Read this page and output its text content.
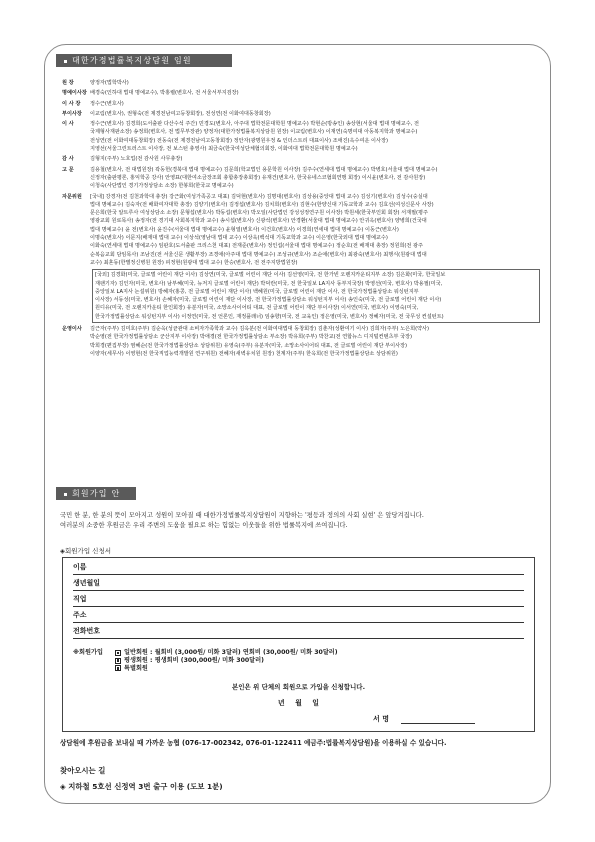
대한가정법률복지상담원 임원
원 장	양정자(법학박사)

명예이사장 배경숙(인하대 법대 명예교수), 박홍렬(변호사, 전 서울서부지검장)

이 사 장	정수근(변호사)

부이사장	이교림(변호사), 권형숙(전 제경전남여고등창회장), 전성연(전 이화여대동창회장)

이 사	정수근(변호사) 김경희(도서출판 다산수석 주간) 민경도(변호사, 아주대 법학전문대학원 명예교수) 박현순(방송인) 송상현(서울대 법대 명예교수, 전

국제형사재판소장) 송정희(변호사, 전 법무부장관) 양정자(대한가정법률복지상담원 원장) 이교림(변호사) 이재연(숙명여대 아동복지학과 명예교수)

전성연(전 이화여대동창회장) 전동숙(전 제경전남여고동창회장) 정안자(광명원우정 & 인더스트리 대표이사) 조애진(옥수여운 이사장)

지영선(서울그린트러스트 이사장, 전 보스턴 총영사) 최금숙(한국여성단체협의회장, 이화여대 법학전문대학원 명예교수)

감 사	김형지(주부) 노호업(전 감사원 사무총장)

고 문	김용철(변호사, 전 대법원장) 곽동헌(경북대 법대 명예교수) 김문희(학교법인 용문학원 이사장) 김주수(연세대 법대 명예교수) 박병호(서울대 법대 명예교수)

신정자(출판평론, 홍익학공 강사) 안영표(대한여소금장조회 총합총장총회장) 유재건(변호사, 한국유네스코협회연맹 회장) 이시윤(변호사, 전 감사원장)

이청숙(사단법인 경기가정상담소 소장) 한봉희(한국교 명예교수)

자문위원	[국내] 강경자(전 김천과학대 총장) 강근화(여성가족공고 대표) 김덕현(변호사) 김명대(변호사) 김상용(중앙대 법대 교수) 김성기(변호사) 김성수(숭실대

법대 명예교수) 김숙자(전 배화여자대학 총장) 김양기(변호사) 김정섭(변호사) 김치희(변호사) 김현수(한양신대 기독교학과 교수) 김효선(여성신문사 사장)

문은희(한국 알트루사 여성상담소 소장) 문형섭(변호사) 박동섭(변호사) 박오일(사단법인 강성성정연구원 이사장) 박원세(한국부인회 회장) 서재필(평주

영광교회 원로목사) 송정자(전 경기대 사회복지학과 교수) 송시섭(변호사) 신광석(변호사) 안경환(서울대 법대 명예교수) 안귀옥(변호사) 양병희(건국대

법대 명예교수) 윤 전(변호사) 윤진수(서울대 법대 명예교수) 윤형열(변호사) 이건호(변호사) 이경희(연세대 법대 명예교수) 이동근(변호사)

이명숙(변호사) 이문지(배재대 법대 교수) 이상석(영남대 법대 교수) 이상욱(백석대 기독교학과 교수) 이은영(한국외대 법대 명예교수)

이화숙(연세대 법대 명예교수) 임판호(도서출판 크리스천 대표) 전재준(변호사) 정인섭(서울대 법대 명예교수) 정순호(전 배재대 총장) 정원희(전 광주

순복음교회 담임목사) 조남진(전 서울신문 생활부장) 조경애(아주대 법대 명예교수) 조성규(변호사) 조순애(변호사) 최광숙(변호사) 최행식(원광대 법대

교수) 최혼동(한별정신병원 원장) 피정현(원광대 법대 교수) 한승(변호사, 전 전주지방법원장)

[국외] 김경화(미국, 글로벌 어린이 재단 이사) 김상연(미국, 글로벌 어린이 재단 이사) 김선영(미국, 전 한가빈 오렌지카운티지부 소장) 김은화(미국, 한국일보

재팬기자) 김인자(미국, 변호사) 남부혜(미국, 뉴저지 글로벌 어린이 재단) 박덕란(미국, 전 한국일보 LA지사 동부지국장) 박영선(미국, 변호사) 박용필(미국,

중앙일보 LA지사 논설위원) 방혜자(홍콩, 전 글로벌 어린이 재단 이사) 백혜원(미국, 글로벌 어린이 재단 이사, 전 한국가정법률상담소 워싱턴지부

이사장) 서동성(미국, 변호사) 손혜자(미국, 글로벌 어린이 재단 이사장, 전 한국가정법률상담소 워싱턴지부 이사) 송인숙(미국, 전 글로벌 어린이 재단 이사)

원디유(미국, 전 오렌지카운티 한인회장) 유분자(미국, 소망소사이어티 대표, 전 글로벌 어린이 재단 부이사장) 이서연(미국, 변호사) 이영숙(미국,

한국가정법률상담소 워싱턴지부 이사) 이정연(미국, 전 언론인, 재정플래너) 임송향(미국, 전 교육인) 정은영(미국, 변호사) 정혜자(미국, 전 국무성 컨설턴트)

운영이사	김근자(주부) 김미호(주부) 김순옥(성균관대 소비자가족학과 교수) 김옥분(전 이화여대법대 동창회장) 김춘자(성환여기 이사) 김희자(주부) 노은희(약사)

박순영(전 한국가정법률상담소 군산지부 이사장) 박애경(전 한국가정법률상담소 부소장) 박유희(주부) 박찬교(전 연합뉴스 디지털컨텐츠부 국장)

박희경(편집부장) 염혜순(전 한국가정법률상담소 상담위원) 유영숙(주부) 유분자(미국, 소망소사이어티 대표, 전 글로벌 어린이 재단 부이사장)

이양자(세무사) 이영현(전 한국직업능력개발원 연구위원) 전혜자(새벽유치원 원장) 천계자(주부) 한옥희(전 한국가정법률상담소 상담위원)

회원가입 안내

국민 한 분, 한 분의 뜻이 모아지고 성원이 모아질 때 대한가정법률복지상담원이 지향하는 '평등과 정의의 사회 실현' 은 앞당겨집니다.

여러분의 소중한 후원금은 우리 주변의 도움을 필요로 하는 힘없는 이웃들을 위한 법률복지에 쓰여집니다.

◈회원가입 신청서
이름
생년월일
직업
주소
전화번호
※회원가입	일반회원 : 월회비 (3,000원/ 미화 3달러) 연회비 (30,000원/ 미화 30달러)
평생회원 : 평생회비 (300,000원/ 미화 300달러)
특별회원
본인은 위 단체의 회원으로 가입을 신청합니다.
년 월 일
서 명
상담원에 후원금을 보내실 때 가까운 농협 (076-17-002342, 076-01-122411 예금주:법률복지상담원)을 이용하실 수 있습니다.
찾아오시는 길
◈ 지하철 5호선 신정역 3번 출구 이용 (도보 1분)
